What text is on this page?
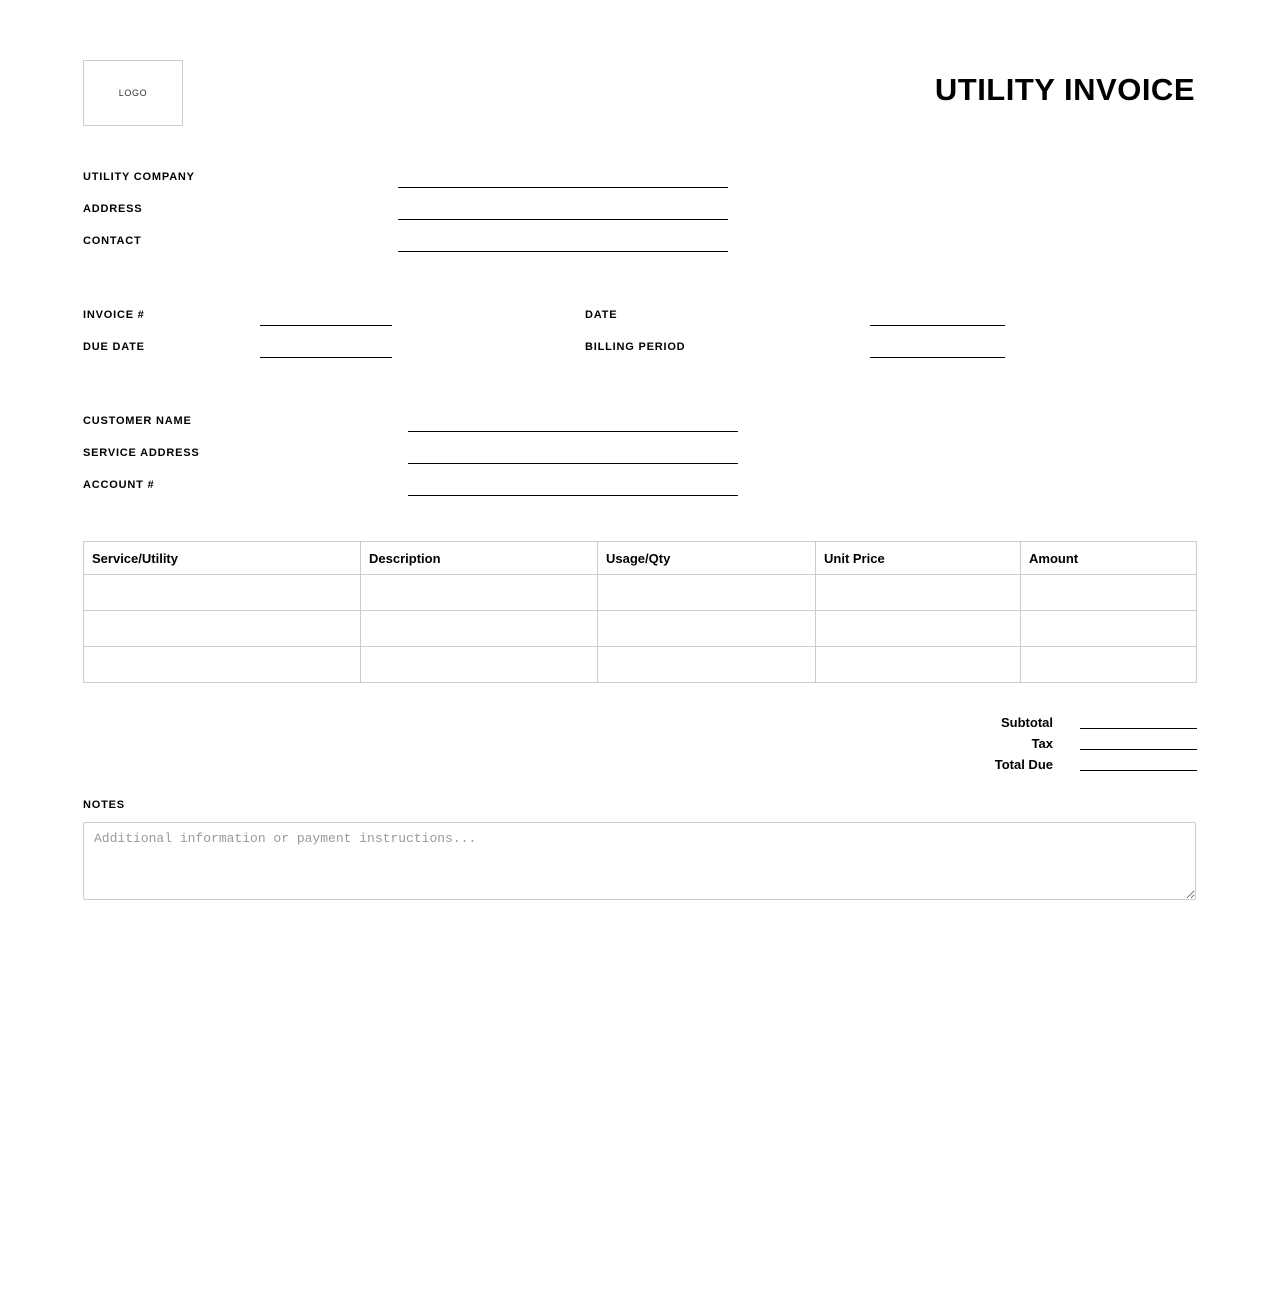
LOGO	UTILITY INVOICE
UTILITY COMPANY
ADDRESS
CONTACT
INVOICE #
DUE DATE
DATE
BILLING PERIOD
CUSTOMER NAME
SERVICE ADDRESS
ACCOUNT #
Service/Utility	Description	Usage/Qty	Unit Price	Amount

Subtotal
Tax
Total Due
NOTES
Additional information or payment instructions...
